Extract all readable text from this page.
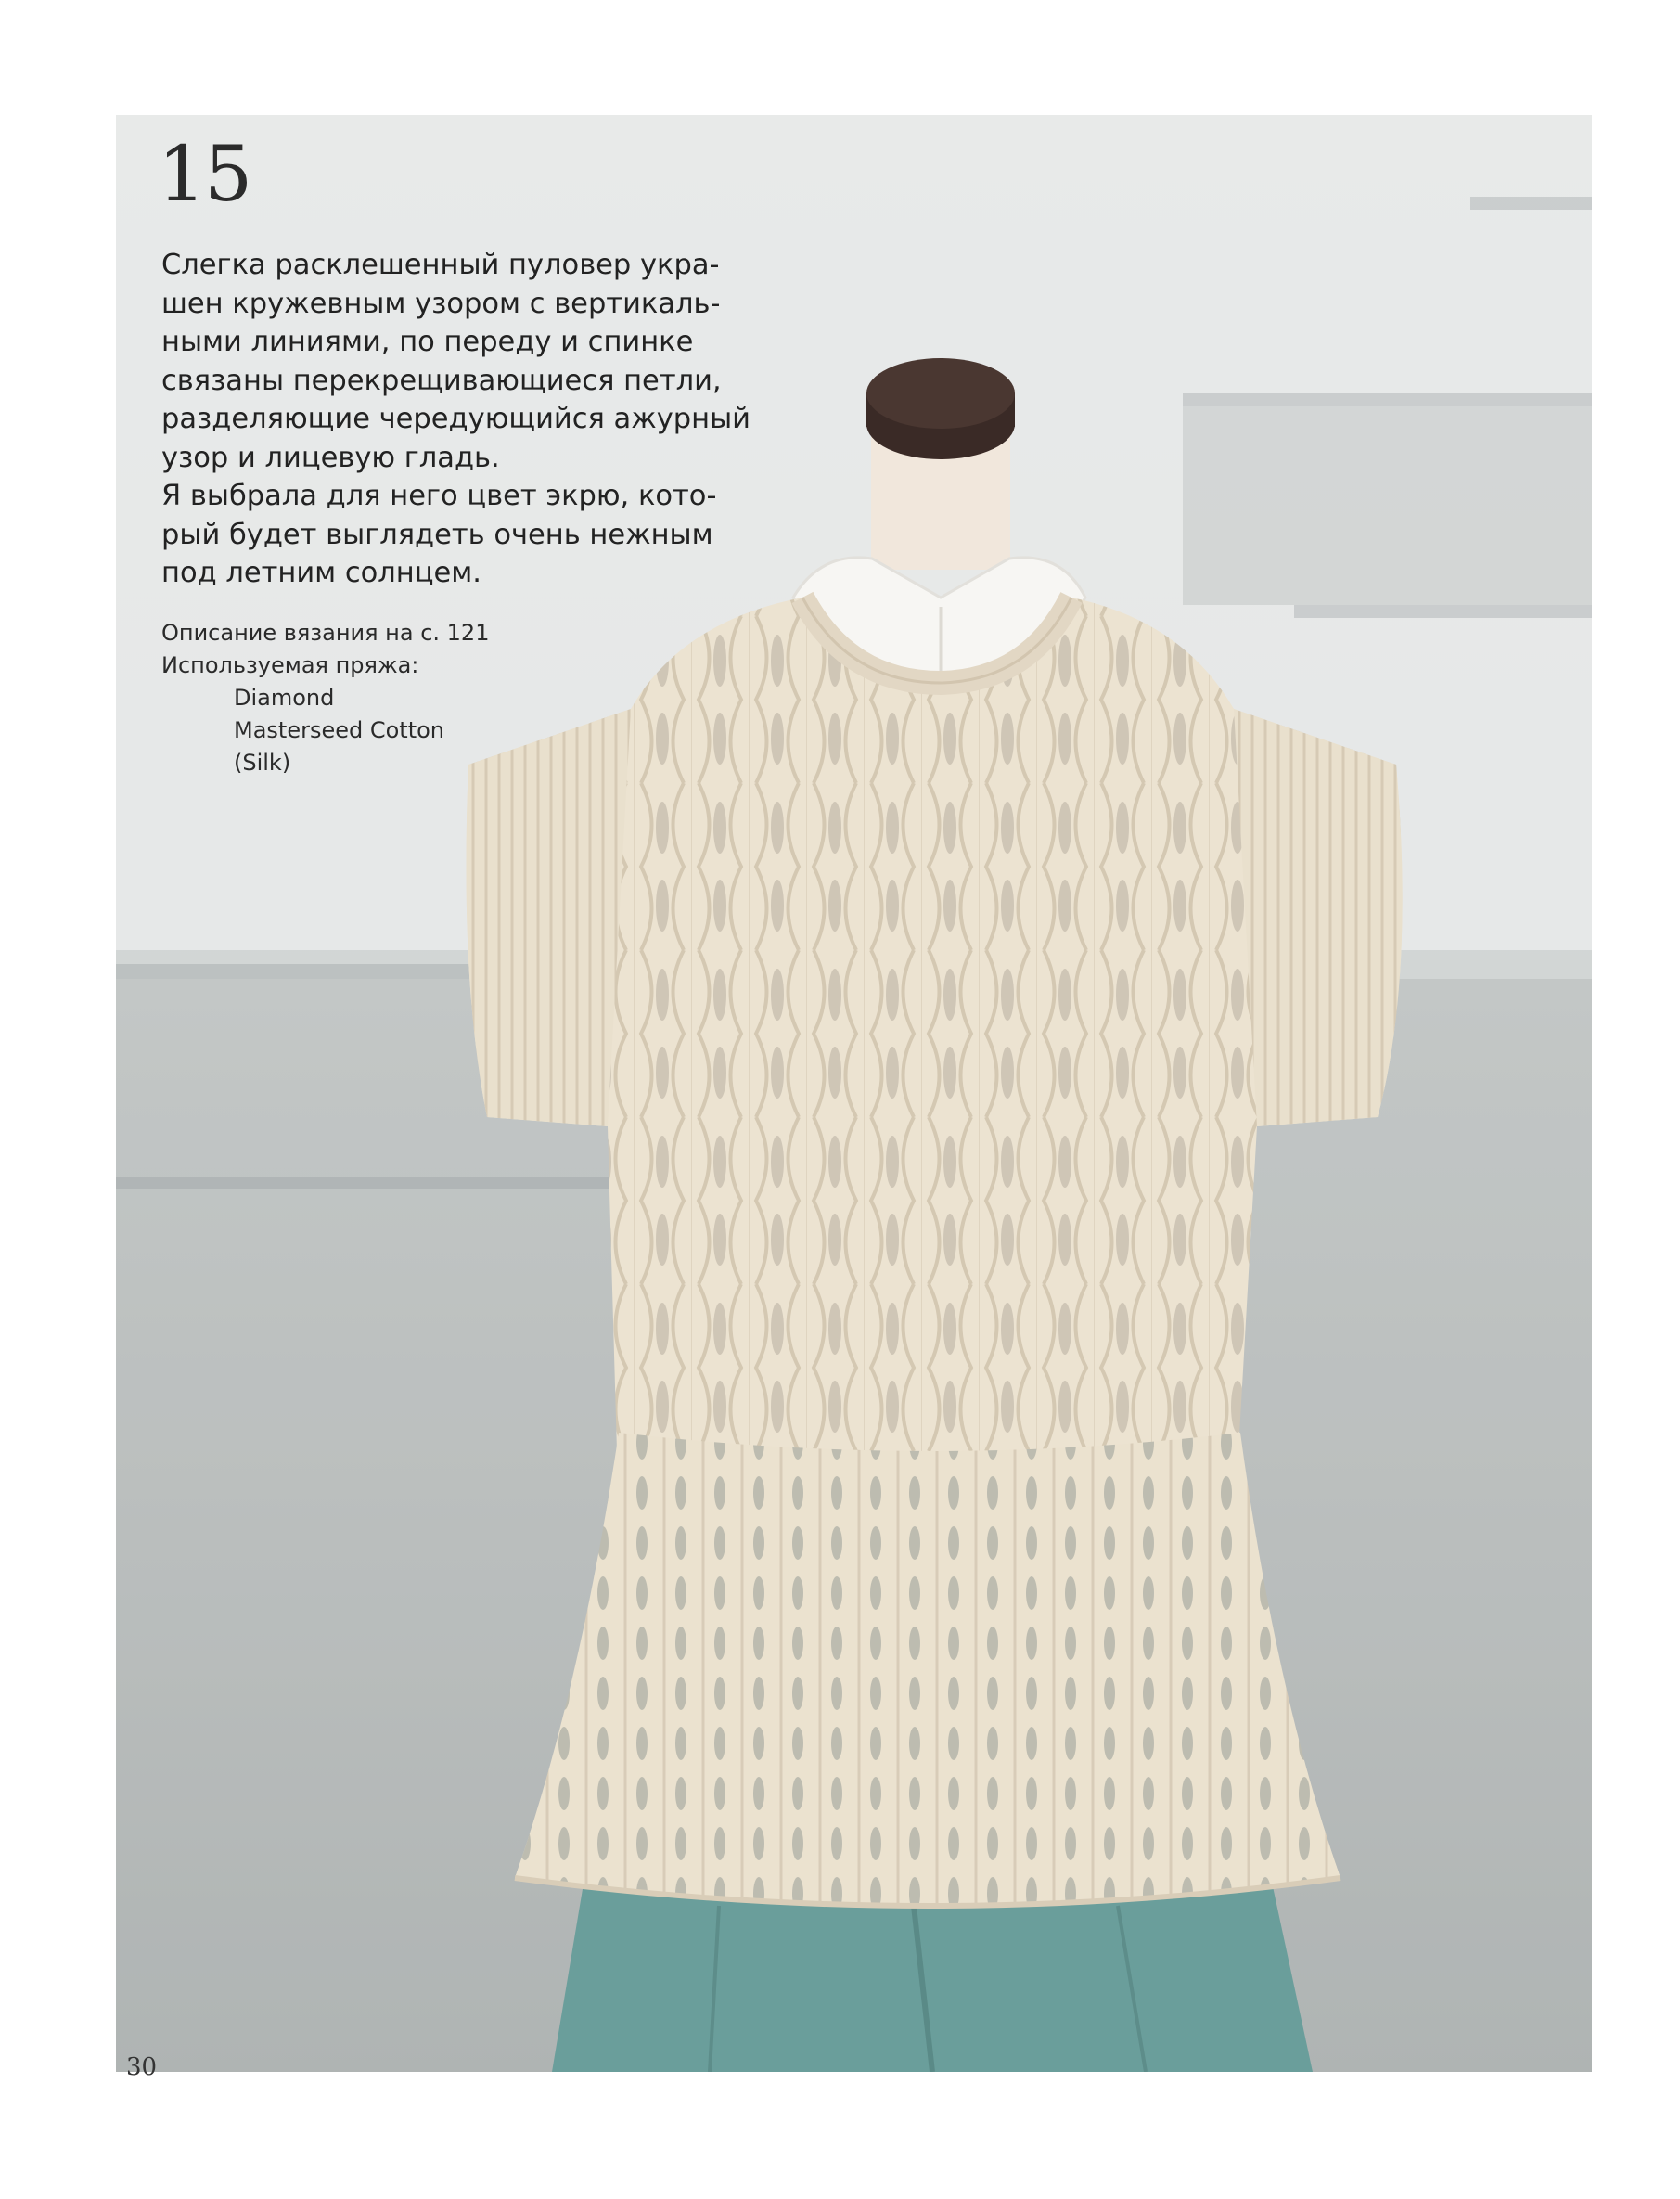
15
Слегка расклешенный пуловер укра-
шен кружевным узором с вертикаль-
ными линиями, по переду и спинке
связаны перекрещивающиеся петли,
разделяющие чередующийся ажурный
узор и лицевую гладь.
Я выбрала для него цвет экрю, кото-
рый будет выглядеть очень нежным
под летним солнцем.
Описание вязания на с. 121
Используемая пряжа:
Diamond
Masterseed Cotton
(Silk)
30
